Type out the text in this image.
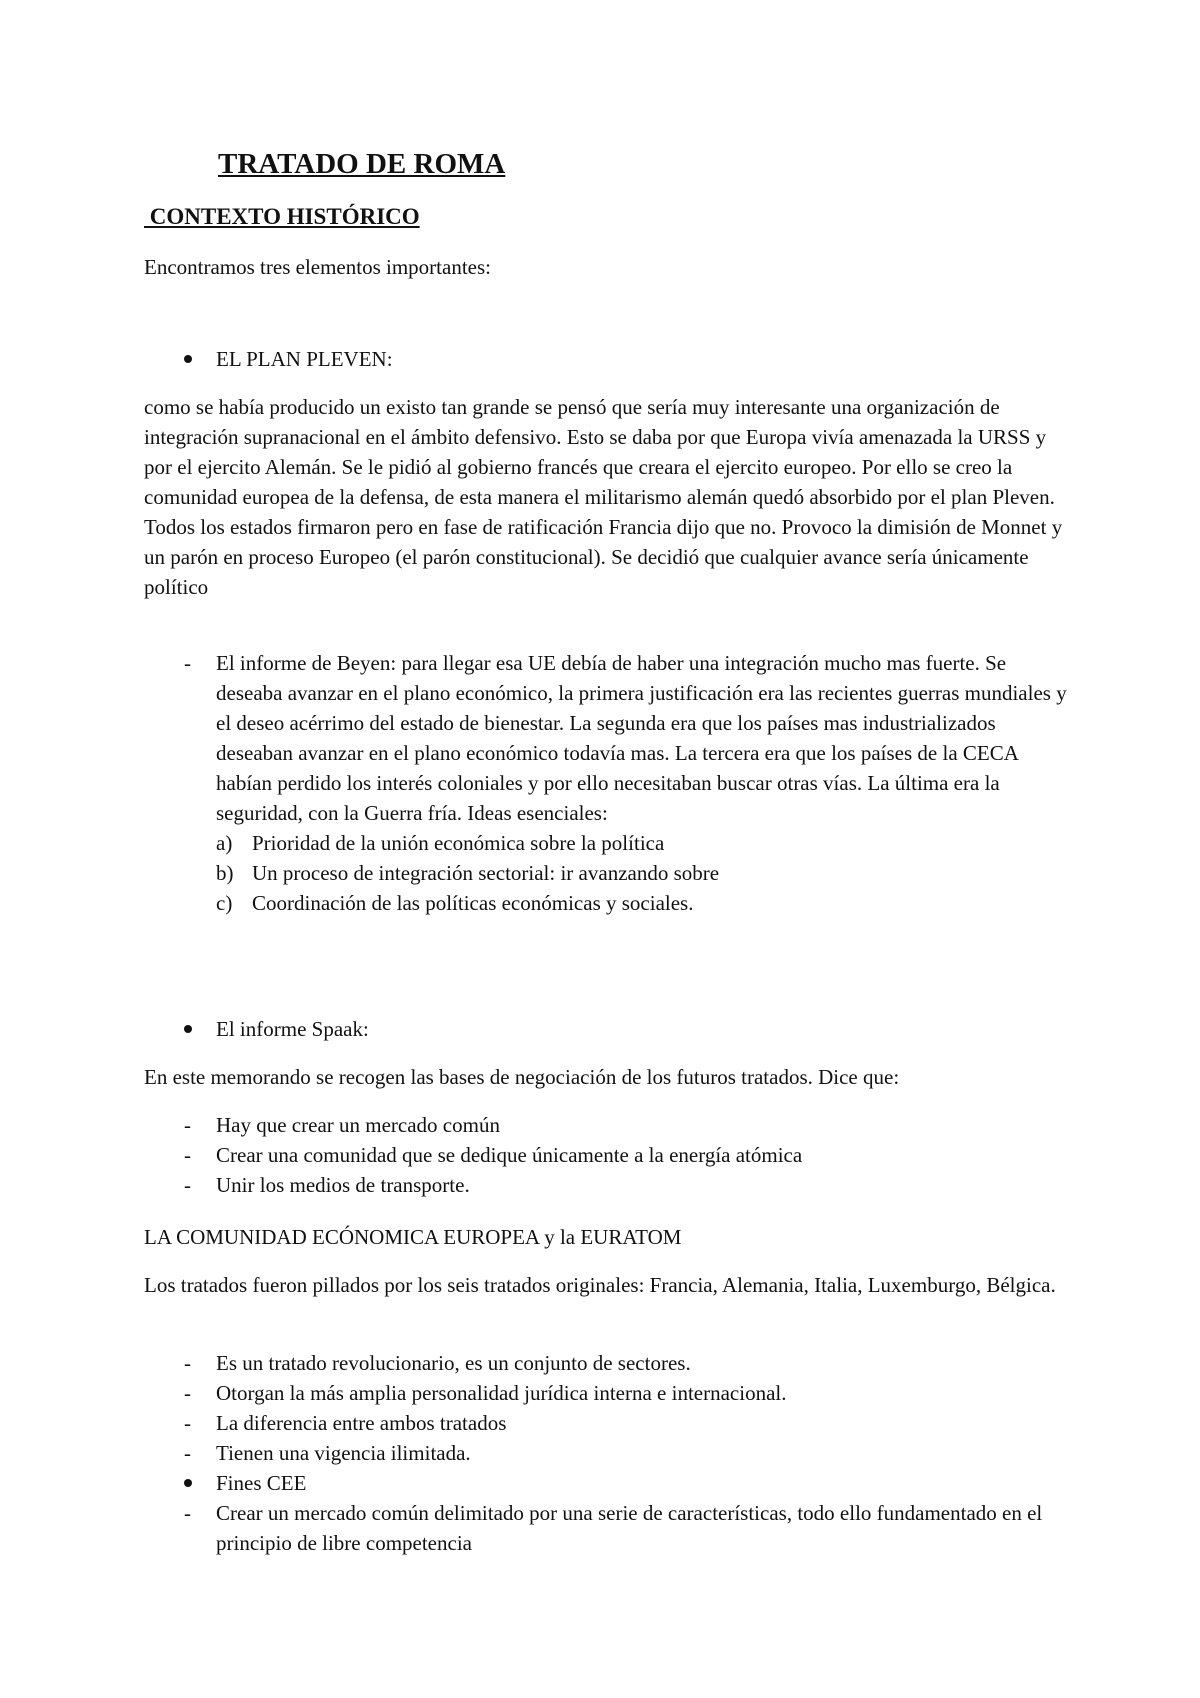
TRATADO DE ROMA
CONTEXTO HISTÓRICO

Encontramos tres elementos importantes:

EL PLAN PLEVEN:

como se había producido un existo tan grande se pensó que sería muy interesante una organización de integración supranacional en el ámbito defensivo. Esto se daba por que Europa vivía amenazada la URSS y por el ejercito Alemán. Se le pidió al gobierno francés que creara el ejercito europeo. Por ello se creo la comunidad europea de la defensa, de esta manera el militarismo alemán quedó absorbido por el plan Pleven. Todos los estados firmaron pero en fase de ratificación Francia dijo que no. Provoco la dimisión de Monnet y un parón en proceso Europeo (el parón constitucional). Se decidió que cualquier avance sería únicamente político

- El informe de Beyen: para llegar esa UE debía de haber una integración mucho mas fuerte. Se deseaba avanzar en el plano económico, la primera justificación era las recientes guerras mundiales y el deseo acérrimo del estado de bienestar. La segunda era que los países mas industrializados deseaban avanzar en el plano económico todavía mas. La tercera era que los países de la CECA habían perdido los interés coloniales y por ello necesitaban buscar otras vías. La última era la seguridad, con la Guerra fría. Ideas esenciales:
a) Prioridad de la unión económica sobre la política
b) Un proceso de integración sectorial: ir avanzando sobre
c) Coordinación de las políticas económicas y sociales.
El informe Spaak:

En este memorando se recogen las bases de negociación de los futuros tratados. Dice que:

- Hay que crear un mercado común
- Crear una comunidad que se dedique únicamente a la energía atómica
- Unir los medios de transporte.

LA COMUNIDAD ECÓNOMICA EUROPEA y la EURATOM

Los tratados fueron pillados por los seis tratados originales: Francia, Alemania, Italia, Luxemburgo, Bélgica.

- Es un tratado revolucionario, es un conjunto de sectores.
- Otorgan la más amplia personalidad jurídica interna e internacional.
- La diferencia entre ambos tratados
- Tienen una vigencia ilimitada.
Fines CEE
- Crear un mercado común delimitado por una serie de características, todo ello fundamentado en el principio de libre competencia
